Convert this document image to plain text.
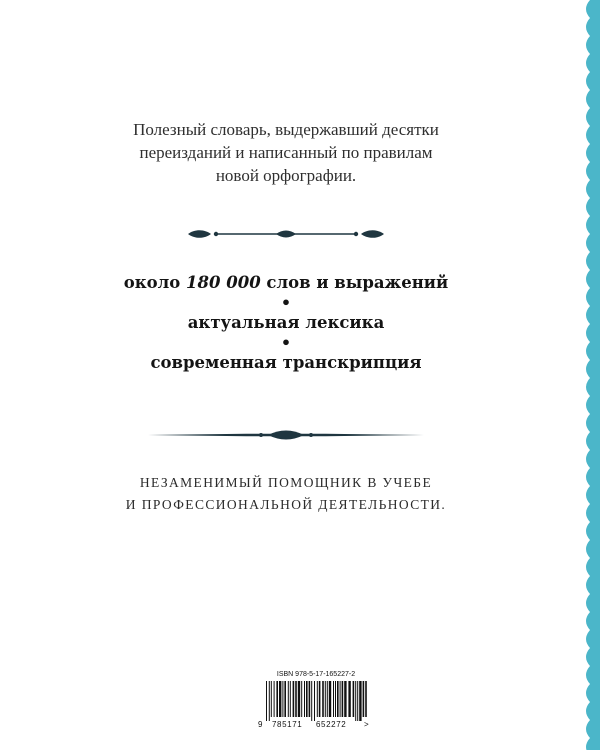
Полезный словарь, выдержавший десятки
переизданий и написанный по правилам
новой орфографии.
около 180 000 слов и выражений
•
актуальная лексика
•
современная транскрипция
НЕЗАМЕНИМЫЙ ПОМОЩНИК В УЧЕБЕ
И ПРОФЕССИОНАЛЬНОЙ ДЕЯТЕЛЬНОСТИ.
ISBN 978-5-17-165227-2
9 785171 652272 >
